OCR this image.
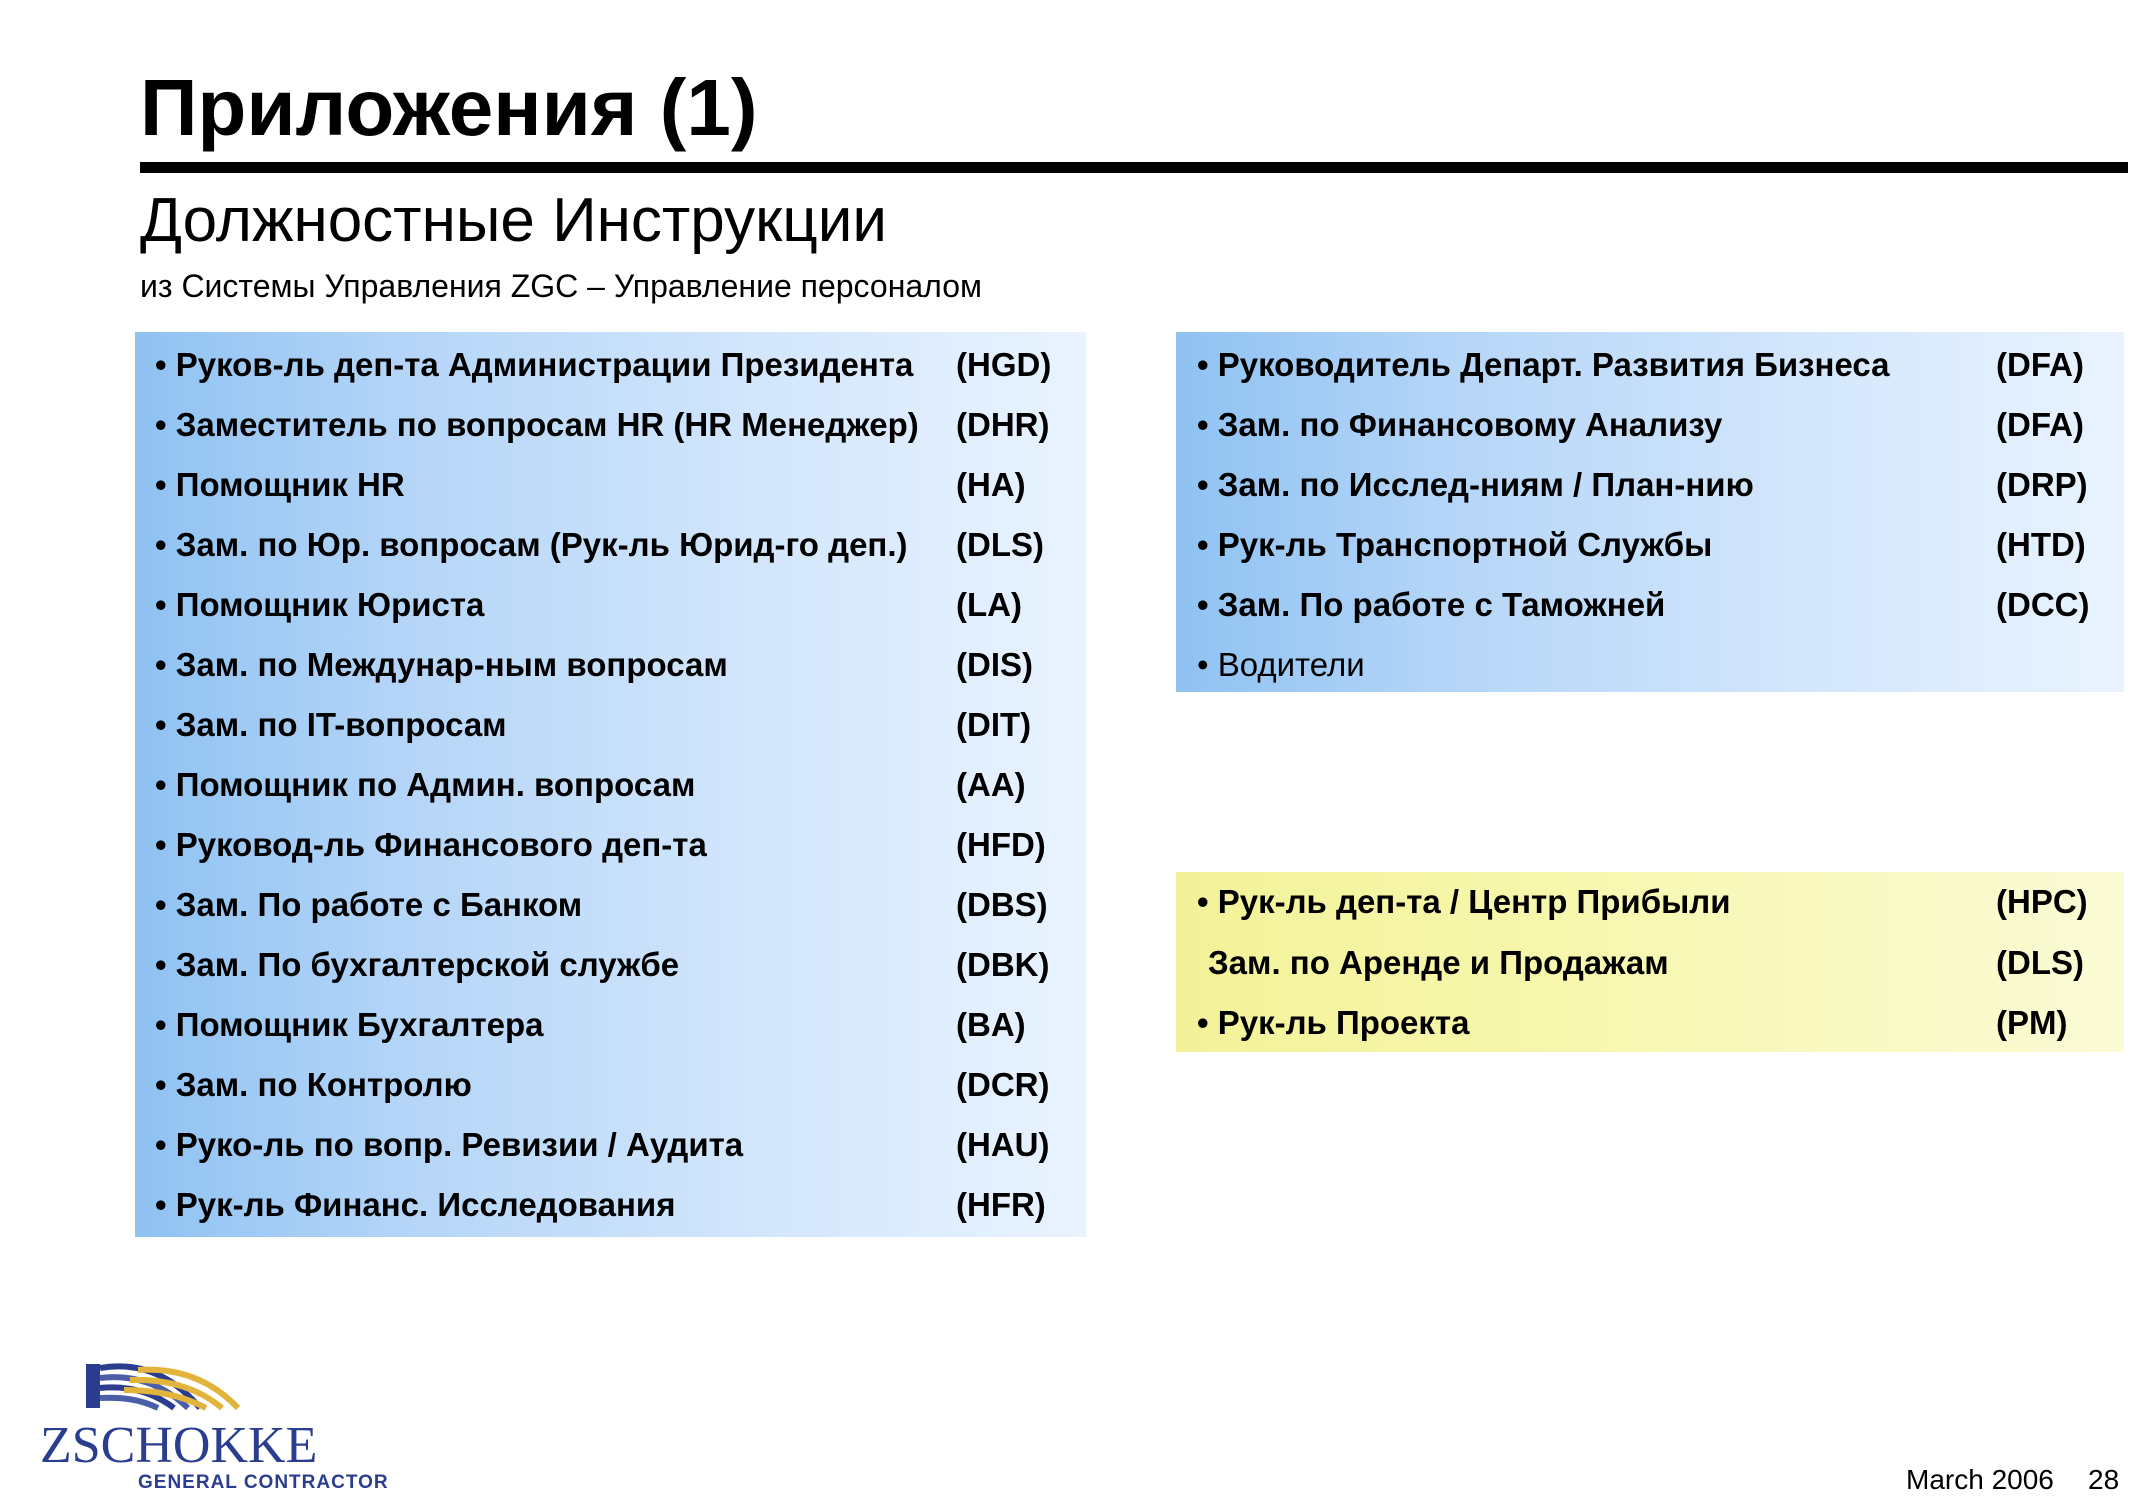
Приложения (1)
Должностные Инструкции
из Системы Управления ZGC – Управление персоналом
• Руков-ль деп-та Администрации Президента (HGD)
• Заместитель по вопросам HR (HR Менеджер) (DHR)
• Помощник HR	(HA)
• Зам. по Юр. вопросам (Рук-ль Юрид-го деп.) (DLS)
• Помощник Юриста	(LA)
• Зам. по Междунар-ным вопросам	(DIS)
• Зам. по IT-вопросам	(DIT)
• Помощник по Админ. вопросам	(AA)
• Руковод-ль Финансового деп-та	(HFD)
• Зам. По работе с Банком	(DBS)
• Зам. По бухгалтерской службе	(DBK)
• Помощник Бухгалтера	(BA)
• Зам. по Контролю	(DCR)
• Руко-ль по вопр. Ревизии / Аудита	(HAU)
• Рук-ль Финанс. Исследования	(HFR)
• Руководитель Департ. Развития Бизнеса	(DFA)
• Зам. по Финансовому Анализу	(DFA)
• Зам. по Исслед-ниям / План-нию	(DRP)
• Рук-ль Транспортной Службы	(HTD)
• Зам. По работе с Таможней	(DCC)
• Водители
• Рук-ль деп-та / Центр Прибыли	(HPC)
Зам. по Аренде и Продажам	(DLS)
• Рук-ль Проекта	(PM)
ZSCHOKKE
GENERAL CONTRACTOR	March 2006 28
